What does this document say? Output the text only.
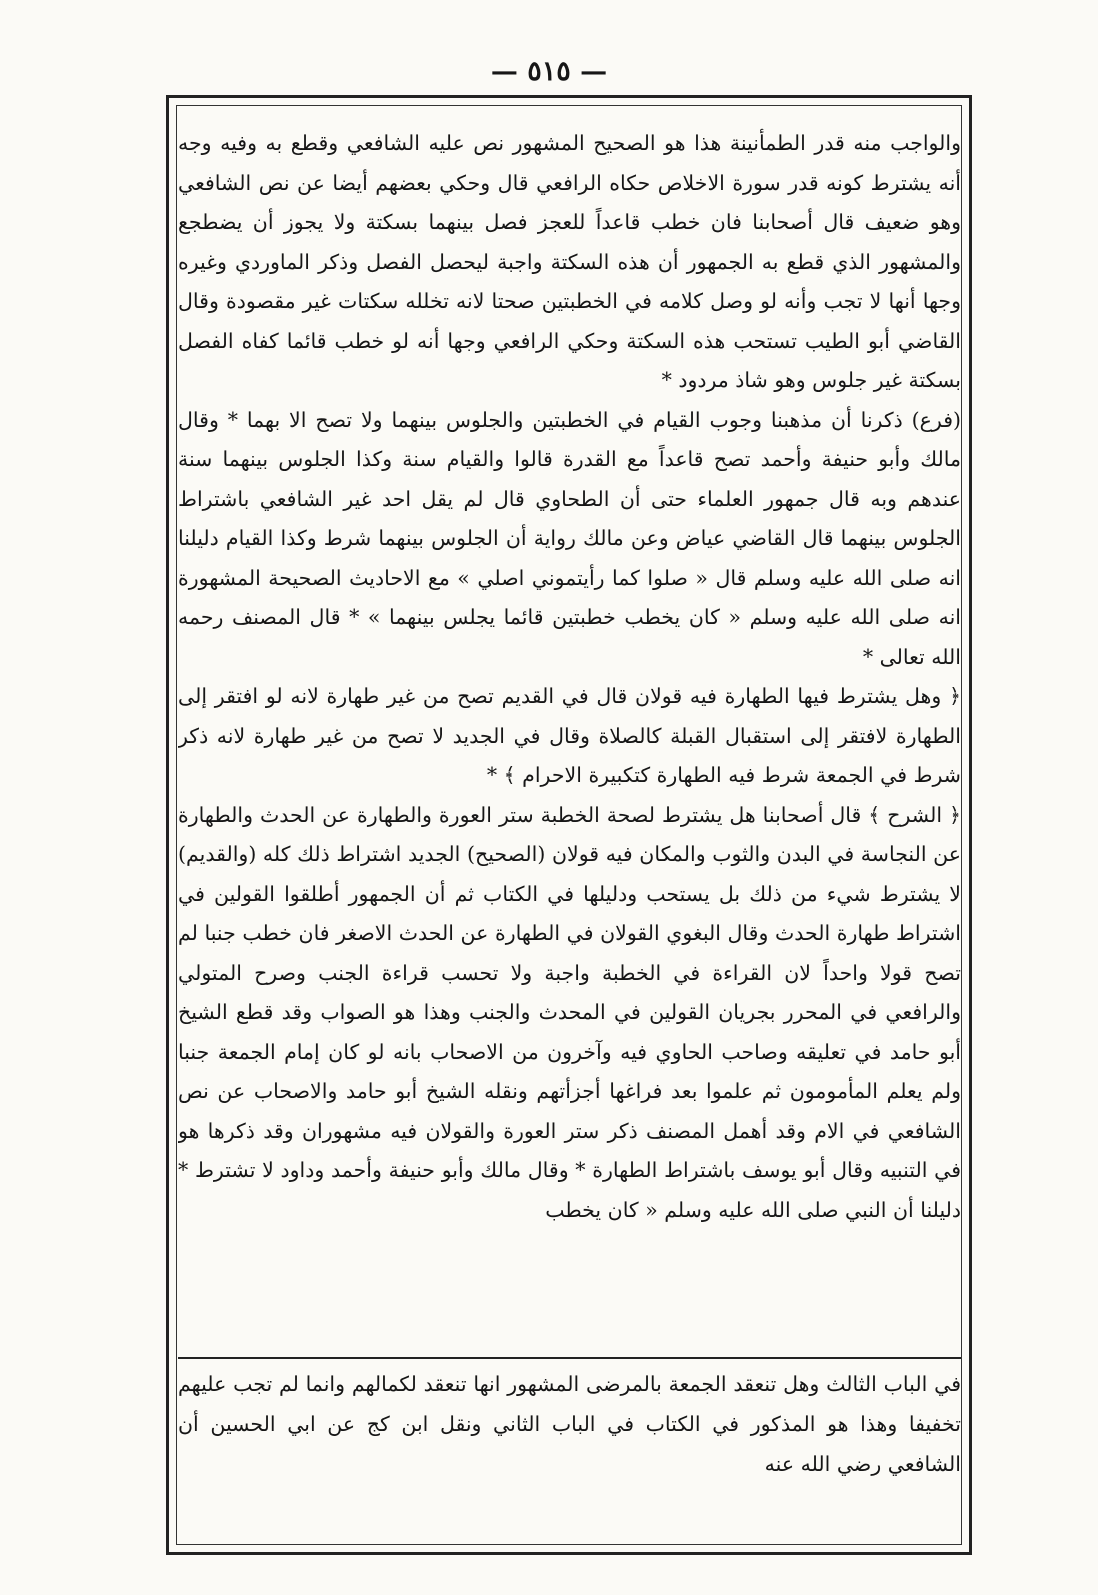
— ٥١٥ —

والواجب منه قدر الطمأنينة هذا هو الصحيح المشهور نص عليه الشافعي وقطع به وفيه وجه أنه يشترط كونه قدر سورة الاخلاص حكاه الرافعي قال وحكي بعضهم أيضا عن نص الشافعي وهو ضعيف قال أصحابنا فان خطب قاعداً للعجز فصل بينهما بسكتة ولا يجوز أن يضطجع والمشهور الذي قطع به الجمهور أن هذه السكتة واجبة ليحصل الفصل وذكر الماوردي وغيره وجها أنها لا تجب وأنه لو وصل كلامه في الخطبتين صحتا لانه تخلله سكتات غير مقصودة وقال القاضي أبو الطيب تستحب هذه السكتة وحكي الرافعي وجها أنه لو خطب قائما كفاه الفصل بسكتة غير جلوس وهو شاذ مردود *

(فرع) ذكرنا أن مذهبنا وجوب القيام في الخطبتين والجلوس بينهما ولا تصح الا بهما * وقال مالك وأبو حنيفة وأحمد تصح قاعداً مع القدرة قالوا والقيام سنة وكذا الجلوس بينهما سنة عندهم وبه قال جمهور العلماء حتى أن الطحاوي قال لم يقل احد غير الشافعي باشتراط الجلوس بينهما قال القاضي عياض وعن مالك رواية أن الجلوس بينهما شرط وكذا القيام دليلنا انه صلى الله عليه وسلم قال « صلوا كما رأيتموني اصلي » مع الاحاديث الصحيحة المشهورة انه صلى الله عليه وسلم « كان يخطب خطبتين قائما يجلس بينهما » * قال المصنف رحمه الله تعالى *

﴿ وهل يشترط فيها الطهارة فيه قولان قال في القديم تصح من غير طهارة لانه لو افتقر إلى الطهارة لافتقر إلى استقبال القبلة كالصلاة وقال في الجديد لا تصح من غير طهارة لانه ذكر شرط في الجمعة شرط فيه الطهارة كتكبيرة الاحرام ﴾ *

﴿ الشرح ﴾ قال أصحابنا هل يشترط لصحة الخطبة ستر العورة والطهارة عن الحدث والطهارة عن النجاسة في البدن والثوب والمكان فيه قولان (الصحيح) الجديد اشتراط ذلك كله (والقديم) لا يشترط شيء من ذلك بل يستحب ودليلها في الكتاب ثم أن الجمهور أطلقوا القولين في اشتراط طهارة الحدث وقال البغوي القولان في الطهارة عن الحدث الاصغر فان خطب جنبا لم تصح قولا واحداً لان القراءة في الخطبة واجبة ولا تحسب قراءة الجنب وصرح المتولي والرافعي في المحرر بجريان القولين في المحدث والجنب وهذا هو الصواب وقد قطع الشيخ أبو حامد في تعليقه وصاحب الحاوي فيه وآخرون من الاصحاب بانه لو كان إمام الجمعة جنبا ولم يعلم المأمومون ثم علموا بعد فراغها أجزأتهم ونقله الشيخ أبو حامد والاصحاب عن نص الشافعي في الام وقد أهمل المصنف ذكر ستر العورة والقولان فيه مشهوران وقد ذكرها هو في التنبيه وقال أبو يوسف باشتراط الطهارة * وقال مالك وأبو حنيفة وأحمد وداود لا تشترط * دليلنا أن النبي صلى الله عليه وسلم « كان يخطب

في الباب الثالث وهل تنعقد الجمعة بالمرضى المشهور انها تنعقد لكمالهم وانما لم تجب عليهم تخفيفا وهذا هو المذكور في الكتاب في الباب الثاني ونقل ابن كج عن ابي الحسين أن الشافعي رضي الله عنه
